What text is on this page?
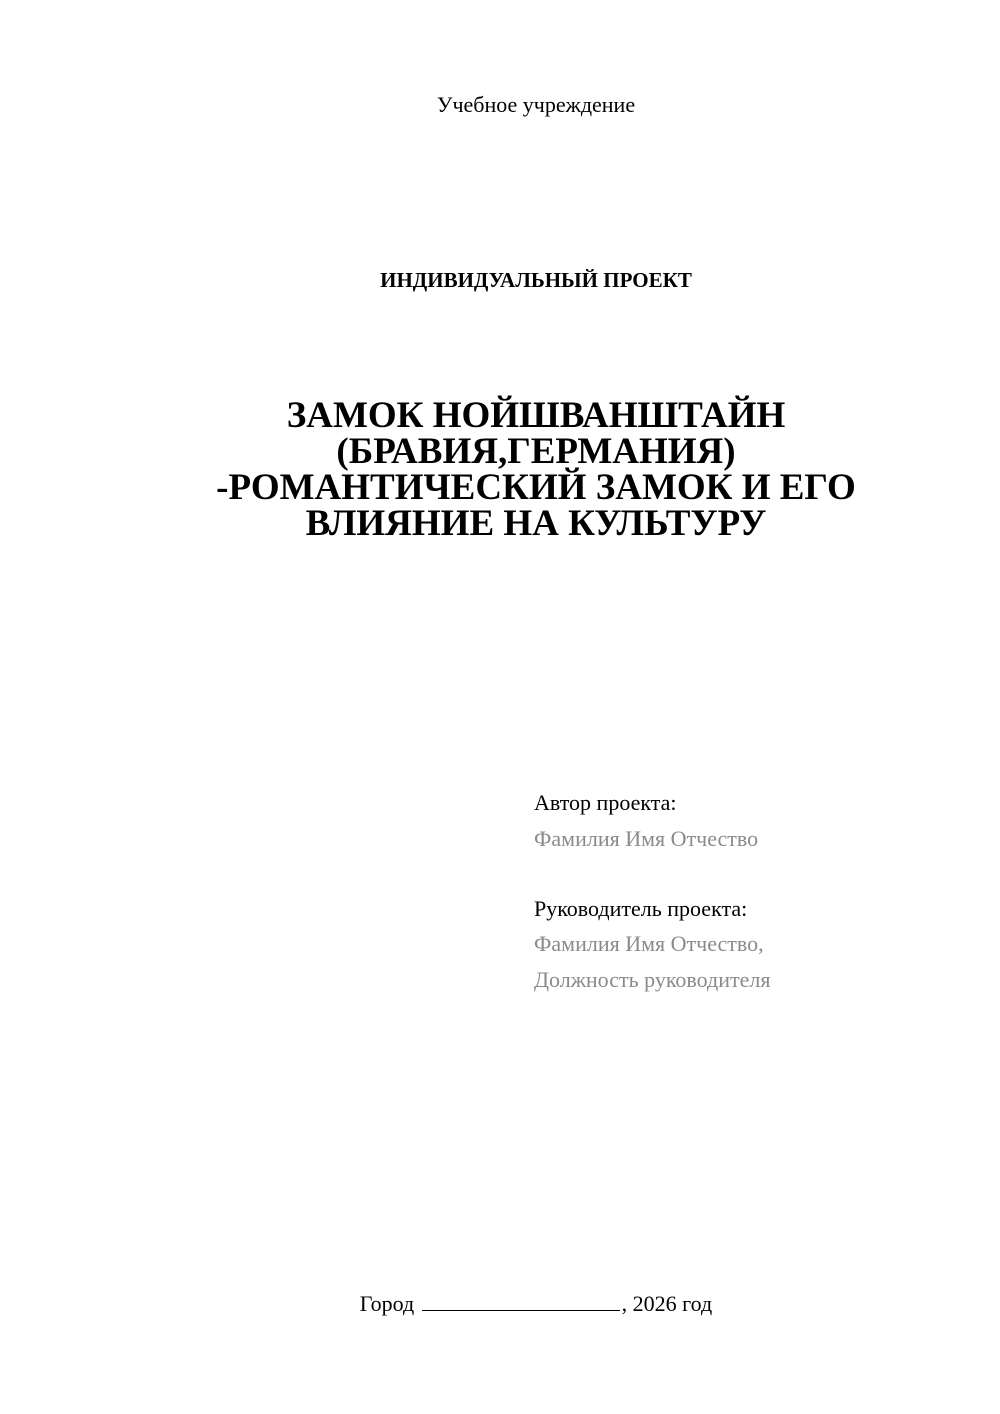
Учебное учреждение
ИНДИВИДУАЛЬНЫЙ ПРОЕКТ
ЗАМОК НОЙШВАНШТАЙН
(БРАВИЯ,ГЕРМАНИЯ)
-РОМАНТИЧЕСКИЙ ЗАМОК И ЕГО
ВЛИЯНИЕ НА КУЛЬТУРУ
Автор проекта:
Фамилия Имя Отчество
Руководитель проекта:
Фамилия Имя Отчество,
Должность руководителя
Город	, 2026 год
